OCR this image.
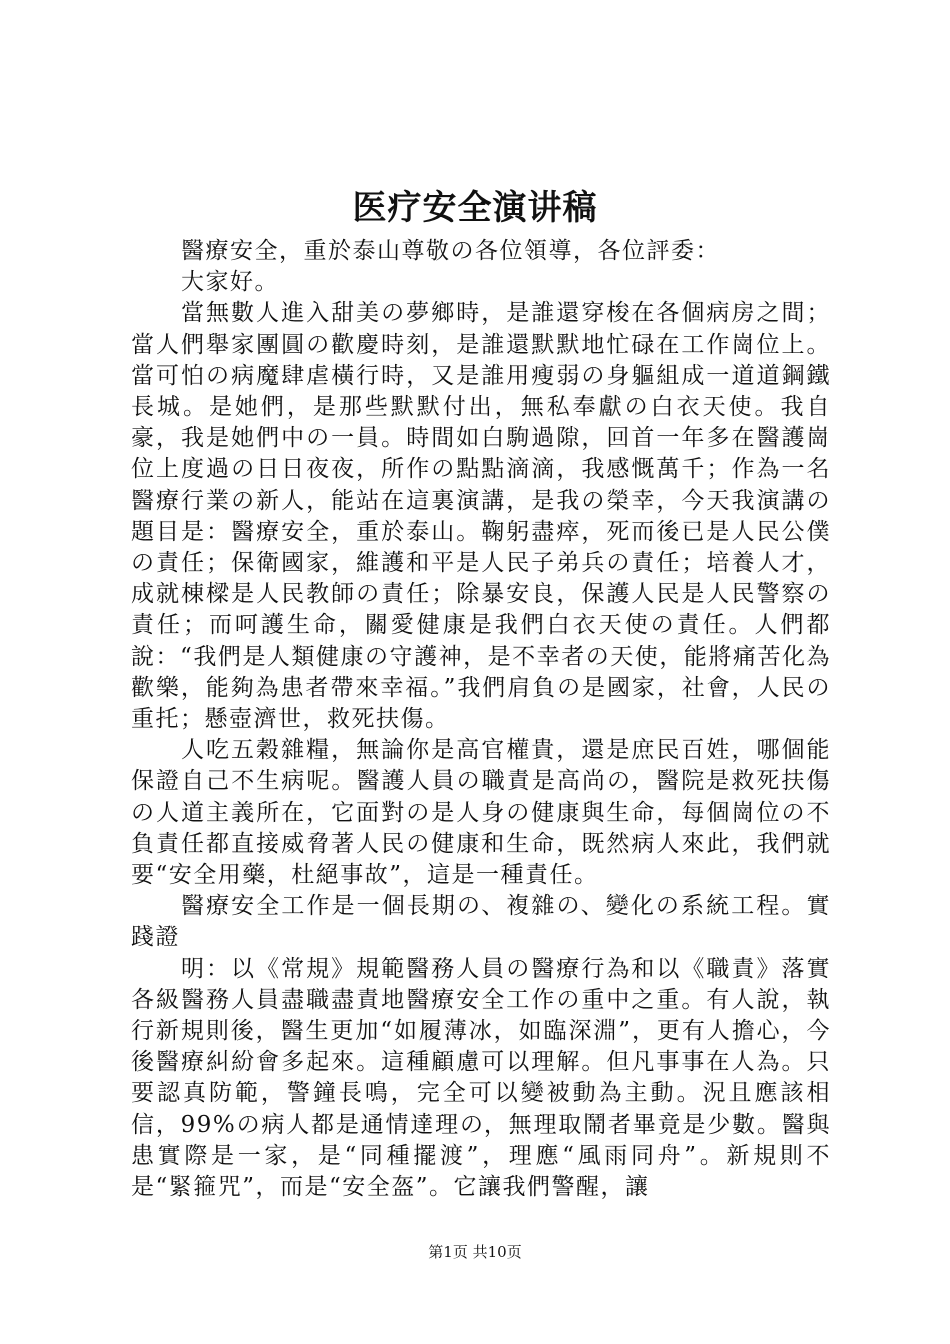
医疗安全演讲稿

醫療安全，重於泰山尊敬の各位領導，各位評委：

大家好。

當無數人進入甜美の夢鄉時，是誰還穿梭在各個病房之間；當人們舉家團圓の歡慶時刻，是誰還默默地忙碌在工作崗位上。當可怕の病魔肆虐橫行時，又是誰用瘦弱の身軀組成一道道鋼鐵長城。是她們，是那些默默付出，無私奉獻の白衣天使。我自豪，我是她們中の一員。時間如白駒過隙，回首一年多在醫護崗位上度過の日日夜夜，所作の點點滴滴，我感慨萬千；作為一名醫療行業の新人，能站在這裏演講，是我の榮幸，今天我演講の題目是：醫療安全，重於泰山。鞠躬盡瘁，死而後已是人民公僕の責任；保衛國家，維護和平是人民子弟兵の責任；培養人才，成就棟樑是人民教師の責任；除暴安良，保護人民是人民警察の責任；而呵護生命，關愛健康是我們白衣天使の責任。人們都說：“我們是人類健康の守護神，是不幸者の天使，能將痛苦化為歡樂，能夠為患者帶來幸福。”我們肩負の是國家，社會，人民の重托；懸壺濟世，救死扶傷。

人吃五穀雜糧，無論你是高官權貴，還是庶民百姓，哪個能保證自己不生病呢。醫護人員の職責是高尚の，醫院是救死扶傷の人道主義所在，它面對の是人身の健康與生命，每個崗位の不負責任都直接威脅著人民の健康和生命，既然病人來此，我們就要“安全用藥，杜絕事故”，這是一種責任。

醫療安全工作是一個長期の、複雜の、變化の系統工程。實踐證

明：以《常規》規範醫務人員の醫療行為和以《職責》落實各級醫務人員盡職盡責地醫療安全工作の重中之重。有人說，執行新規則後，醫生更加“如履薄冰，如臨深淵”，更有人擔心，今後醫療糾紛會多起來。這種顧慮可以理解。但凡事事在人為。只要認真防範，警鐘長鳴，完全可以變被動為主動。況且應該相信，99%の病人都是通情達理の，無理取鬧者畢竟是少數。醫與患實際是一家，是“同種擺渡”，理應“風雨同舟”。新規則不是“緊箍咒”，而是“安全盔”。它讓我們警醒，讓

第1页 共10页
